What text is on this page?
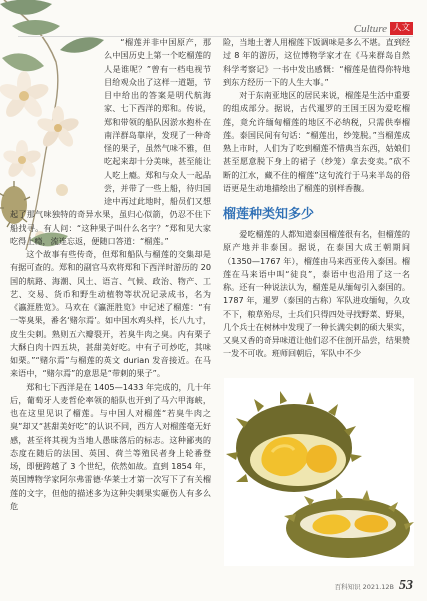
Culture 人文

“榴莲并非中国原产，那么中国历史上第一个吃榴莲的人是谁呢？”曾有一档电视节目给观众出了这样一道题，节目中给出的答案是明代航海家、七下西洋的郑和。传说，郑和带领的船队因淤水抱朴在南洋群岛靠岸，发现了一种奇怪的果子，虽然气味不雅，但吃起来却十分美味，甚至能让人吃上瘾。郑和与众人一起品尝，并带了一些上船，待归国途中再过此地时，船员们又想起了那气味独特的奇异水果，虽归心似箭，仍忍不住下船找寻。有人问：“这种果子叫什么名字？”郑和见大家吃得上瘾，流连忘返，便随口答道：“榴莲。”

这个故事有些传奇，但郑和船队与榴莲的交集却是有据可查的。郑和的副官马欢将郑和下西洋时游历的 20 国的航路、海潮、风土、语言、气候、政治、物产、工艺、交易、货币和野生动植物等状况记录成书，名为《瀛涯胜览》。马欢在《瀛涯胜览》中记述了榴莲：“有一等臭果，番名‘赌尔焉’。如中国水鸡头样，长八九寸，皮生尖刺。熟则五六瓣裂开，若臭牛肉之臭。内有栗子大酥白肉十四五块，甚甜美好吃。中有子可炒吃，其味如栗。”“赌尔焉”与榴莲的英文 durian 发音接近。在马来语中，“赌尔焉”的意思是“带刺的果子”。

郑和七下西洋是在 1405—1433 年完成的，几十年后，葡萄牙人麦哲伦率领的船队也开到了马六甲海峡，也在这里见识了榴莲。与中国人对榴莲“若臭牛肉之臭”却又“甚甜美好吃”的认识不同，西方人对榴莲毫无好感，甚至将其视为当地人愚昧落后的标志。这种鄙夷的态度在随后的法国、英国、荷兰等殖民者身上轮番登场，即便跨越了 3 个世纪，依然如故。直到 1854 年，英国博物学家阿尔弗雷德·华莱士才第一次写下了有关榴莲的文字，但他的描述多为这种尖刺果实砸伤人有多么危

险，当地土著人用榴莲下饭调味是多么不堪。直到经过 8 年的游历，这位博物学家才在《马来群岛自然科学考察记》一书中发出感慨：“榴莲是值得你特地到东方经历一下的人生大事。”

对于东南亚地区的居民来说，榴莲是生活中重要的组成部分。据说，古代暹罗的王国王因为爱吃榴莲，竟允许缅甸榴莲的地区不必纳税，只需供奉榴莲。泰国民间有句话：“榴莲出，纱笼脱。”当榴莲成熟上市时，人们为了吃到榴莲不惜典当东西，姑娘们甚至愿意脱下身上的裙子（纱笼）拿去变卖。”砍不断的江水，藏不住的榴莲”这句流行于马来半岛的俗语更是生动地描绘出了榴莲的别样香馥。

榴莲种类知多少

爱吃榴莲的人都知道泰国榴莲很有名，但榴莲的原产地并非泰国。据说，在泰国大成王朝期间（1350—1767 年），榴莲由马来西亚传入泰国。榴莲在马来语中叫“徒良”，泰语中也沿用了这一名称。还有一种说法认为，榴莲是从缅甸引入泰国的。1787 年，暹罗（泰国的古称）军队进攻缅甸，久攻不下，粮草殆尽，士兵们只得四处寻找野菜、野果，几个兵士在树林中发现了一种长满尖刺的硕大果实，又臭又香的奇异味道让他们忍不住剖开品尝，结果赞一发不可收。班师回朝后，军队中不少

百科知识 2021.12B 53
